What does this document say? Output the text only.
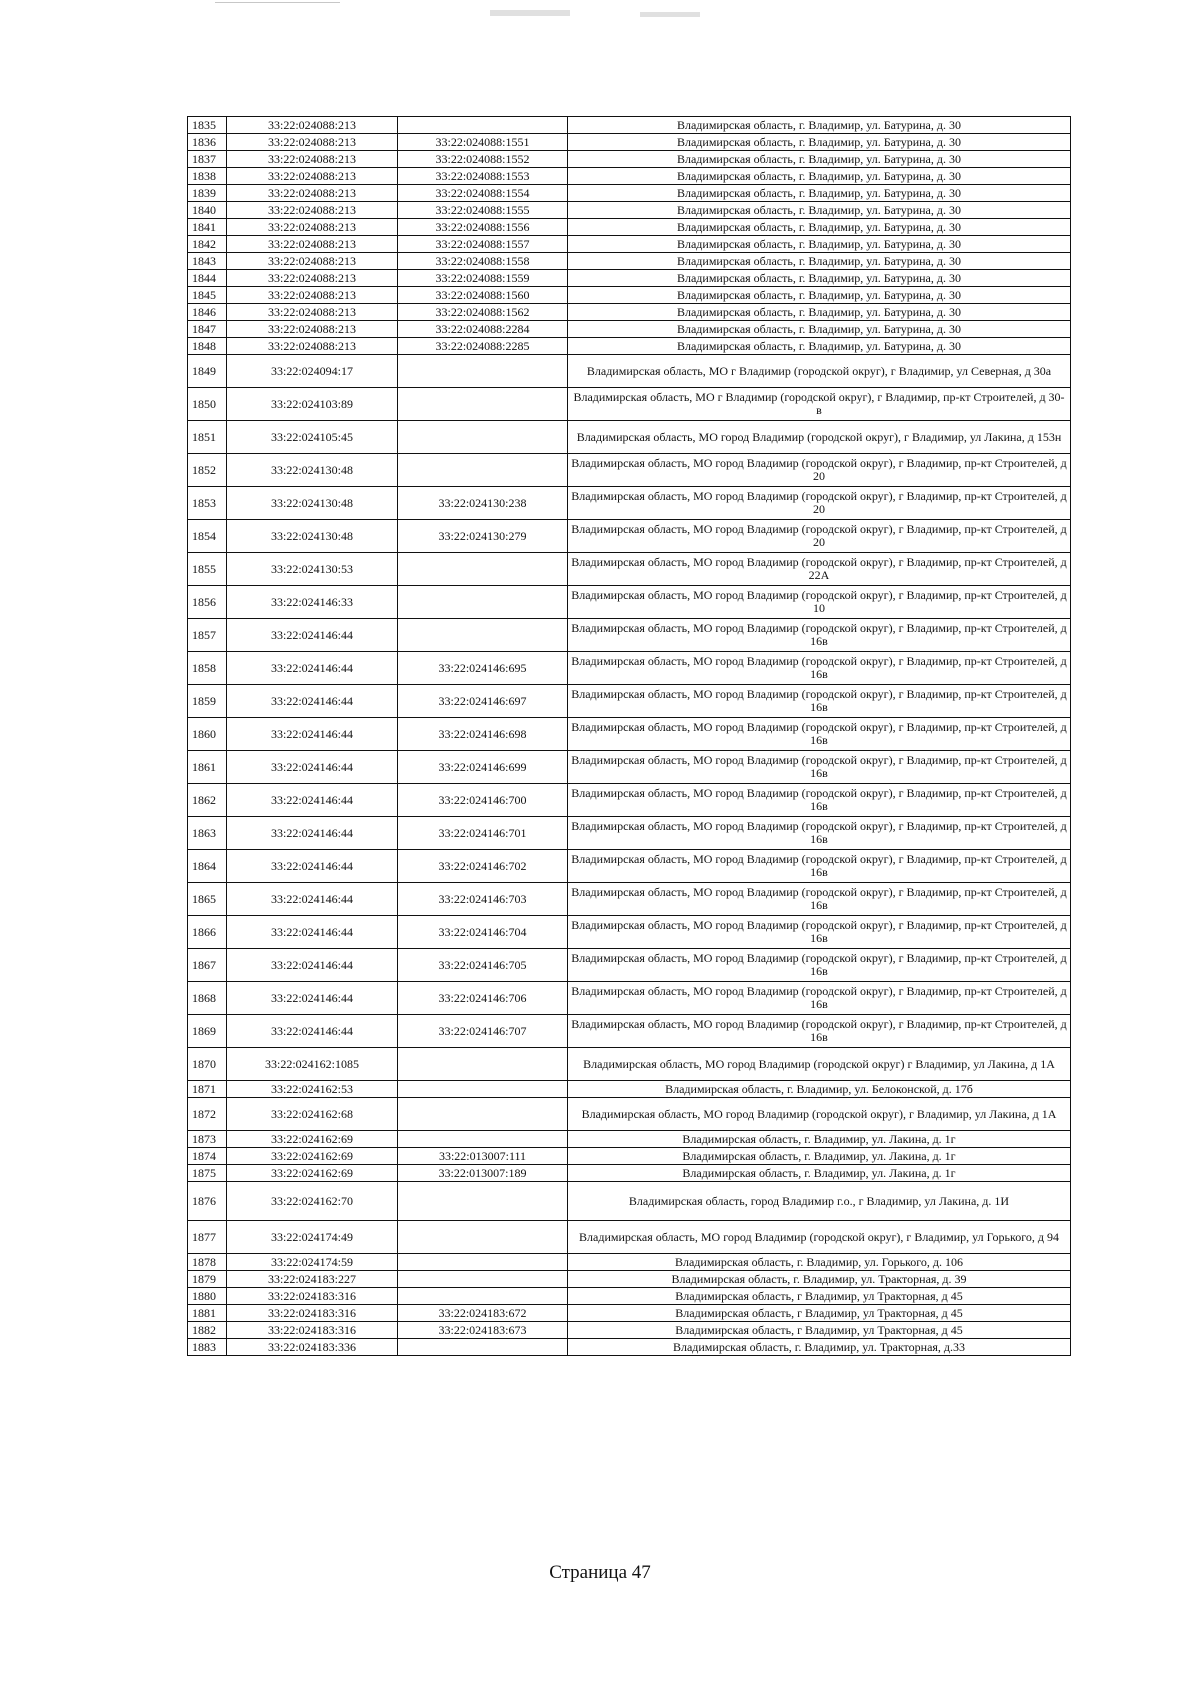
1835	33:22:024088:213		Владимирская область, г. Владимир, ул. Батурина, д. 30
1836	33:22:024088:213	33:22:024088:1551	Владимирская область, г. Владимир, ул. Батурина, д. 30
1837	33:22:024088:213	33:22:024088:1552	Владимирская область, г. Владимир, ул. Батурина, д. 30
1838	33:22:024088:213	33:22:024088:1553	Владимирская область, г. Владимир, ул. Батурина, д. 30
1839	33:22:024088:213	33:22:024088:1554	Владимирская область, г. Владимир, ул. Батурина, д. 30
1840	33:22:024088:213	33:22:024088:1555	Владимирская область, г. Владимир, ул. Батурина, д. 30
1841	33:22:024088:213	33:22:024088:1556	Владимирская область, г. Владимир, ул. Батурина, д. 30
1842	33:22:024088:213	33:22:024088:1557	Владимирская область, г. Владимир, ул. Батурина, д. 30
1843	33:22:024088:213	33:22:024088:1558	Владимирская область, г. Владимир, ул. Батурина, д. 30
1844	33:22:024088:213	33:22:024088:1559	Владимирская область, г. Владимир, ул. Батурина, д. 30
1845	33:22:024088:213	33:22:024088:1560	Владимирская область, г. Владимир, ул. Батурина, д. 30
1846	33:22:024088:213	33:22:024088:1562	Владимирская область, г. Владимир, ул. Батурина, д. 30
1847	33:22:024088:213	33:22:024088:2284	Владимирская область, г. Владимир, ул. Батурина, д. 30
1848	33:22:024088:213	33:22:024088:2285	Владимирская область, г. Владимир, ул. Батурина, д. 30
1849	33:22:024094:17		Владимирская область, МО г Владимир (городской округ), г Владимир, ул Северная, д 30а
1850	33:22:024103:89		Владимирская область, МО г Владимир (городской округ), г Владимир, пр-кт Строителей, д 30-в
1851	33:22:024105:45		Владимирская область, МО город Владимир (городской округ), г Владимир, ул Лакина, д 153н
1852	33:22:024130:48		Владимирская область, МО город Владимир (городской округ), г Владимир, пр-кт Строителей, д 20
1853	33:22:024130:48	33:22:024130:238	Владимирская область, МО город Владимир (городской округ), г Владимир, пр-кт Строителей, д 20
1854	33:22:024130:48	33:22:024130:279	Владимирская область, МО город Владимир (городской округ), г Владимир, пр-кт Строителей, д 20
1855	33:22:024130:53		Владимирская область, МО город Владимир (городской округ), г Владимир, пр-кт Строителей, д 22А
1856	33:22:024146:33		Владимирская область, МО город Владимир (городской округ), г Владимир, пр-кт Строителей, д 10
1857	33:22:024146:44		Владимирская область, МО город Владимир (городской округ), г Владимир, пр-кт Строителей, д 16в
1858	33:22:024146:44	33:22:024146:695	Владимирская область, МО город Владимир (городской округ), г Владимир, пр-кт Строителей, д 16в
1859	33:22:024146:44	33:22:024146:697	Владимирская область, МО город Владимир (городской округ), г Владимир, пр-кт Строителей, д 16в
1860	33:22:024146:44	33:22:024146:698	Владимирская область, МО город Владимир (городской округ), г Владимир, пр-кт Строителей, д 16в
1861	33:22:024146:44	33:22:024146:699	Владимирская область, МО город Владимир (городской округ), г Владимир, пр-кт Строителей, д 16в
1862	33:22:024146:44	33:22:024146:700	Владимирская область, МО город Владимир (городской округ), г Владимир, пр-кт Строителей, д 16в
1863	33:22:024146:44	33:22:024146:701	Владимирская область, МО город Владимир (городской округ), г Владимир, пр-кт Строителей, д 16в
1864	33:22:024146:44	33:22:024146:702	Владимирская область, МО город Владимир (городской округ), г Владимир, пр-кт Строителей, д 16в
1865	33:22:024146:44	33:22:024146:703	Владимирская область, МО город Владимир (городской округ), г Владимир, пр-кт Строителей, д 16в
1866	33:22:024146:44	33:22:024146:704	Владимирская область, МО город Владимир (городской округ), г Владимир, пр-кт Строителей, д 16в
1867	33:22:024146:44	33:22:024146:705	Владимирская область, МО город Владимир (городской округ), г Владимир, пр-кт Строителей, д 16в
1868	33:22:024146:44	33:22:024146:706	Владимирская область, МО город Владимир (городской округ), г Владимир, пр-кт Строителей, д 16в
1869	33:22:024146:44	33:22:024146:707	Владимирская область, МО город Владимир (городской округ), г Владимир, пр-кт Строителей, д 16в
1870	33:22:024162:1085		Владимирская область, МО город Владимир (городской округ) г Владимир, ул Лакина, д 1А
1871	33:22:024162:53		Владимирская область, г. Владимир, ул. Белоконской, д. 17б
1872	33:22:024162:68		Владимирская область, МО город Владимир (городской округ), г Владимир, ул Лакина, д 1А
1873	33:22:024162:69		Владимирская область, г. Владимир, ул. Лакина, д. 1г
1874	33:22:024162:69	33:22:013007:111	Владимирская область, г. Владимир, ул. Лакина, д. 1г
1875	33:22:024162:69	33:22:013007:189	Владимирская область, г. Владимир, ул. Лакина, д. 1г
1876	33:22:024162:70		Владимирская область, город Владимир г.о., г Владимир, ул Лакина, д. 1И
1877	33:22:024174:49		Владимирская область, МО город Владимир (городской округ), г Владимир, ул Горького, д 94
1878	33:22:024174:59		Владимирская область, г. Владимир, ул. Горького, д. 106
1879	33:22:024183:227		Владимирская область, г. Владимир, ул. Тракторная, д. 39
1880	33:22:024183:316		Владимирская область, г Владимир, ул Тракторная, д 45
1881	33:22:024183:316	33:22:024183:672	Владимирская область, г Владимир, ул Тракторная, д 45
1882	33:22:024183:316	33:22:024183:673	Владимирская область, г Владимир, ул Тракторная, д 45
1883	33:22:024183:336		Владимирская область, г. Владимир, ул. Тракторная, д.33
Страница 47
